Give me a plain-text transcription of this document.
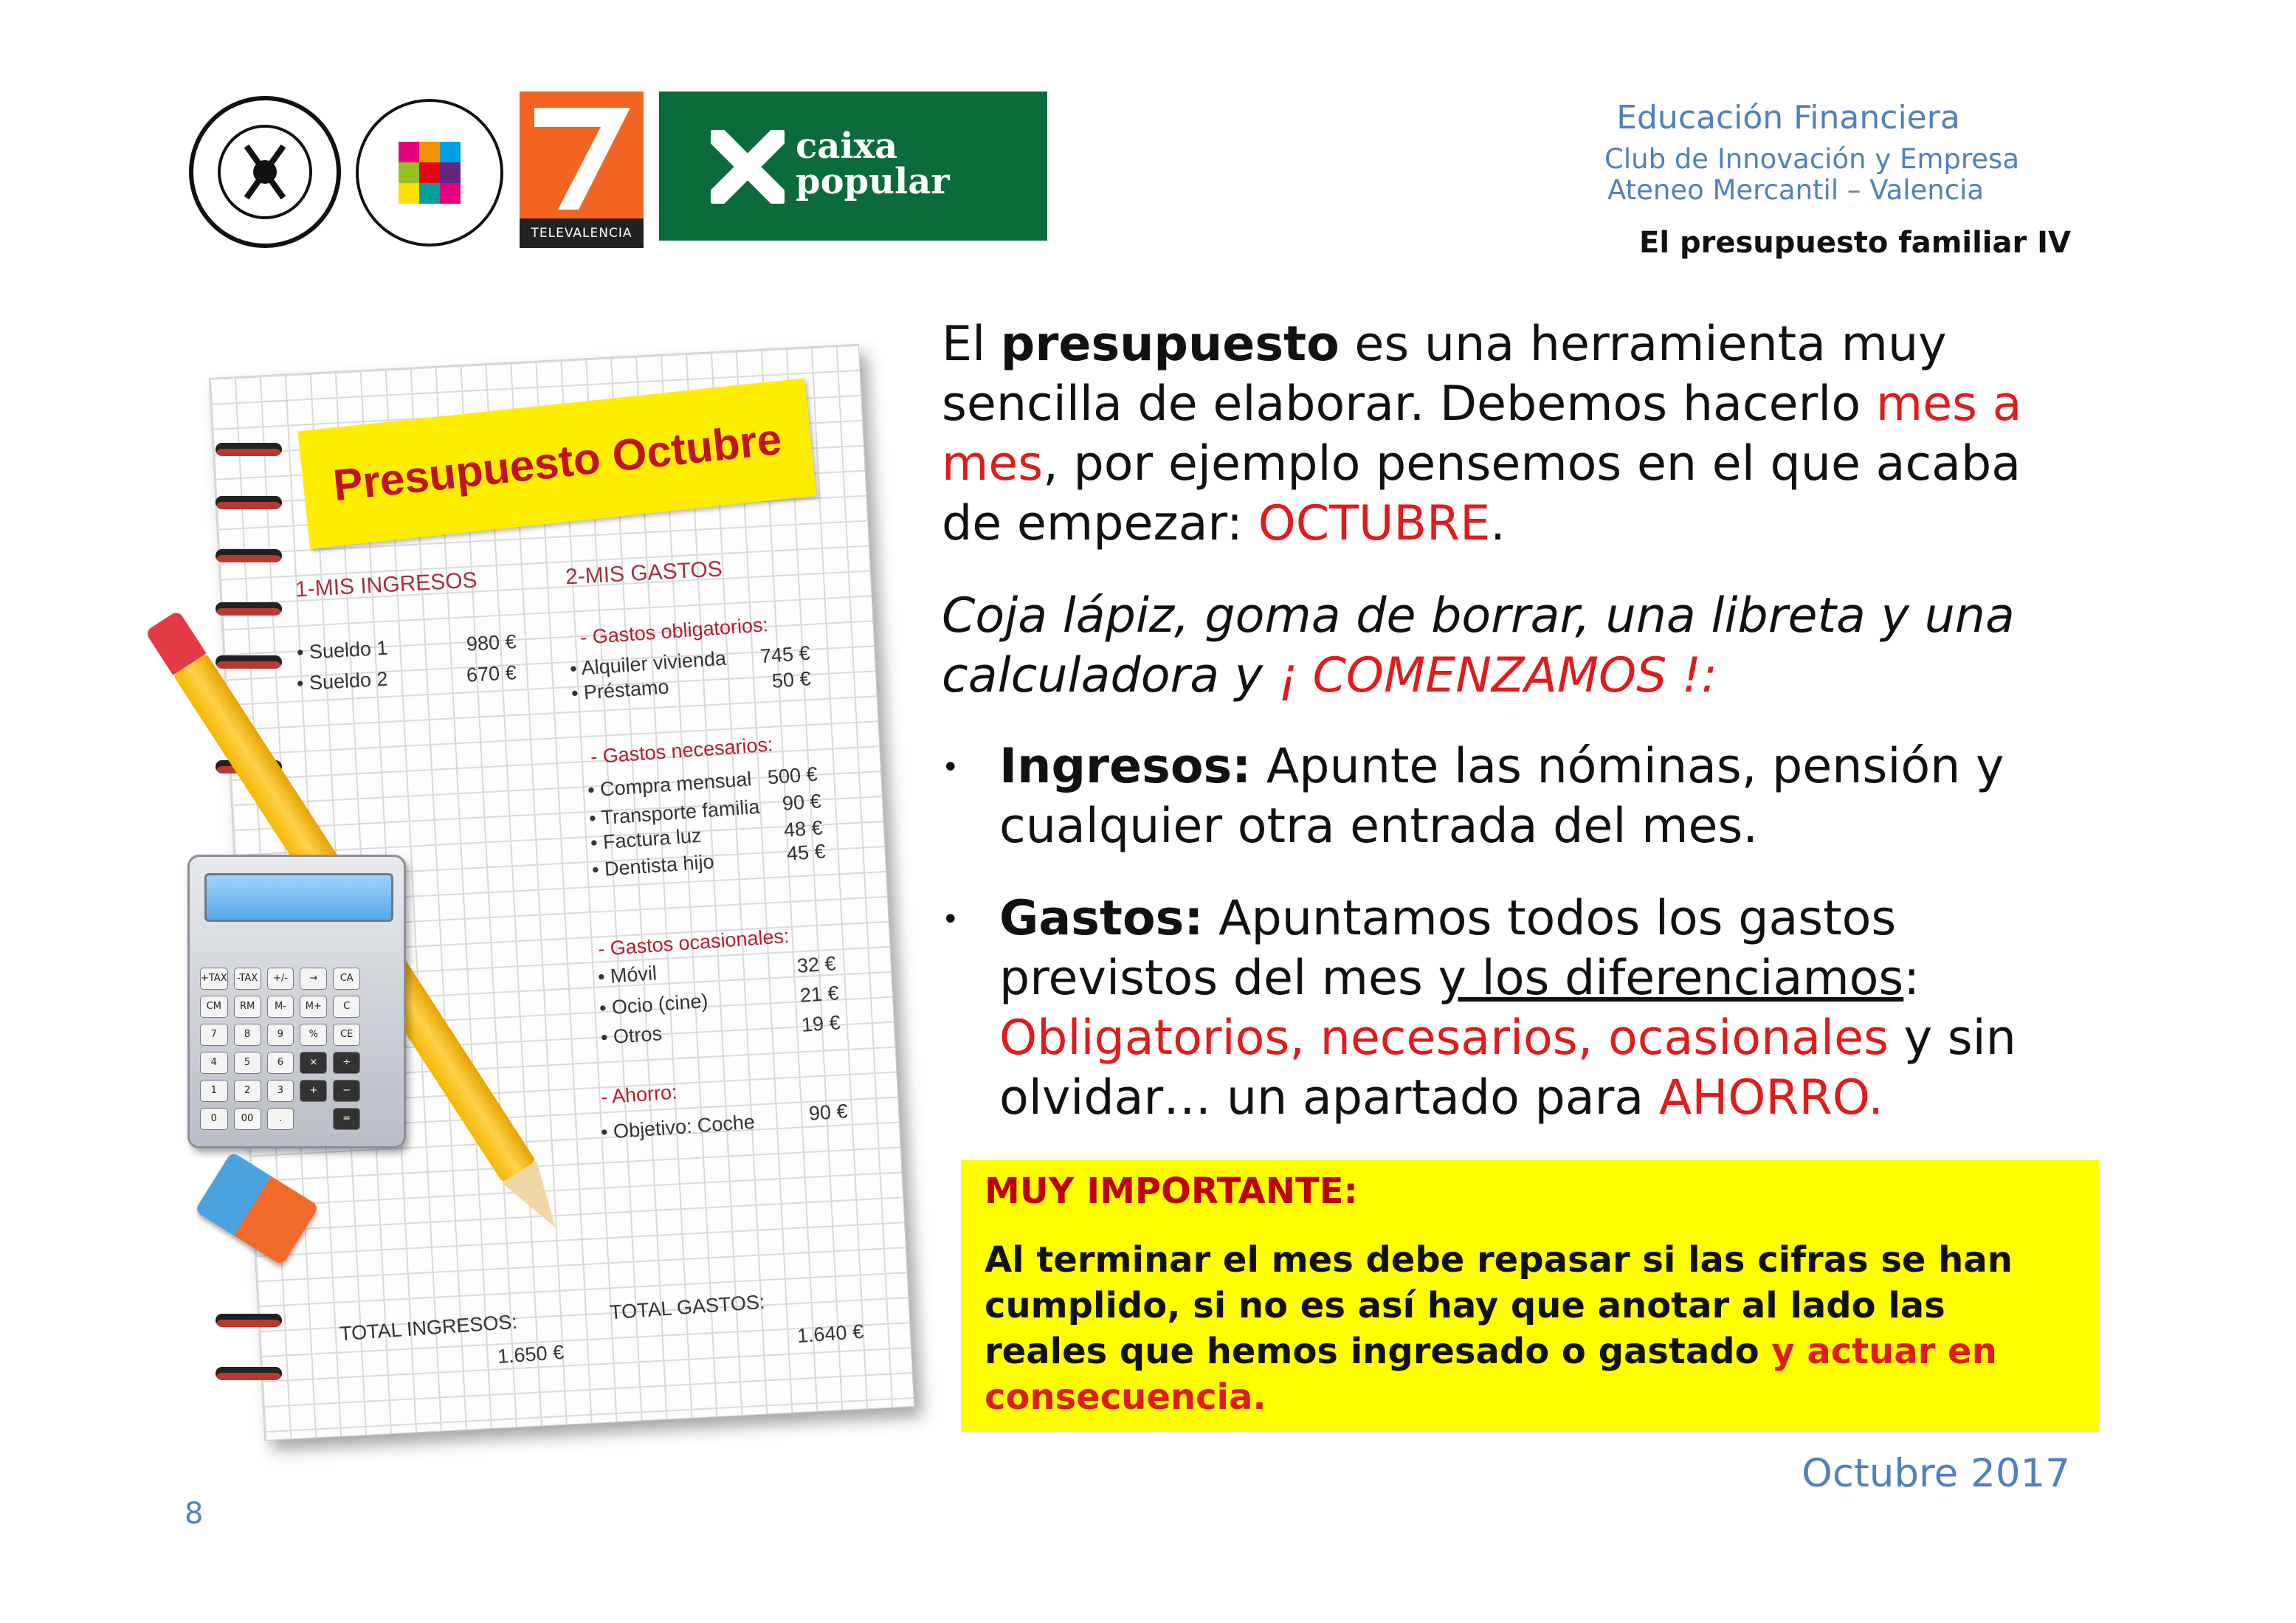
TELEVALENCIA
caixa
popular
Educación Financiera
Club de Innovación y Empresa
Ateneo Mercantil – Valencia
El presupuesto familiar IV
Presupuesto Octubre
1-MIS INGRESOS	2-MIS GASTOS
• Sueldo 1	980 €
• Sueldo 2	670 €
- Gastos obligatorios:
• Alquiler vivienda 745 €
• Préstamo	50 €
- Gastos necesarios:
• Compra mensual 500 €
• Transporte familia 90 €
• Factura luz	48 €
• Dentista hijo	45 €
- Gastos ocasionales:
• Móvil	32 €
• Ocio (cine)	21 €
• Otros	19 €
- Ahorro:
• Objetivo: Coche	90 €
TOTAL INGRESOS:
1.650 €
TOTAL GASTOS:
1.640 €
+TAX	-TAX	+/-	→	CA
CM	RM	M-	M+	C
7	8	9	%	CE
4	5	6	×	÷
1	2	3	+	−
0	00	.	=
El presupuesto es una herramienta muy sencilla de elaborar. Debemos hacerlo mes a mes, por ejemplo pensemos en el que acaba de empezar: OCTUBRE.
Coja lápiz, goma de borrar, una libreta y una calculadora y ¡ COMENZAMOS !:
• Ingresos: Apunte las nóminas, pensión y cualquier otra entrada del mes.
• Gastos: Apuntamos todos los gastos previstos del mes y los diferenciamos: Obligatorios, necesarios, ocasionales y sin olvidar… un apartado para AHORRO.
MUY IMPORTANTE:
Al terminar el mes debe repasar si las cifras se han cumplido, si no es así hay que anotar al lado las reales que hemos ingresado o gastado y actuar en consecuencia.
Octubre 2017
8
